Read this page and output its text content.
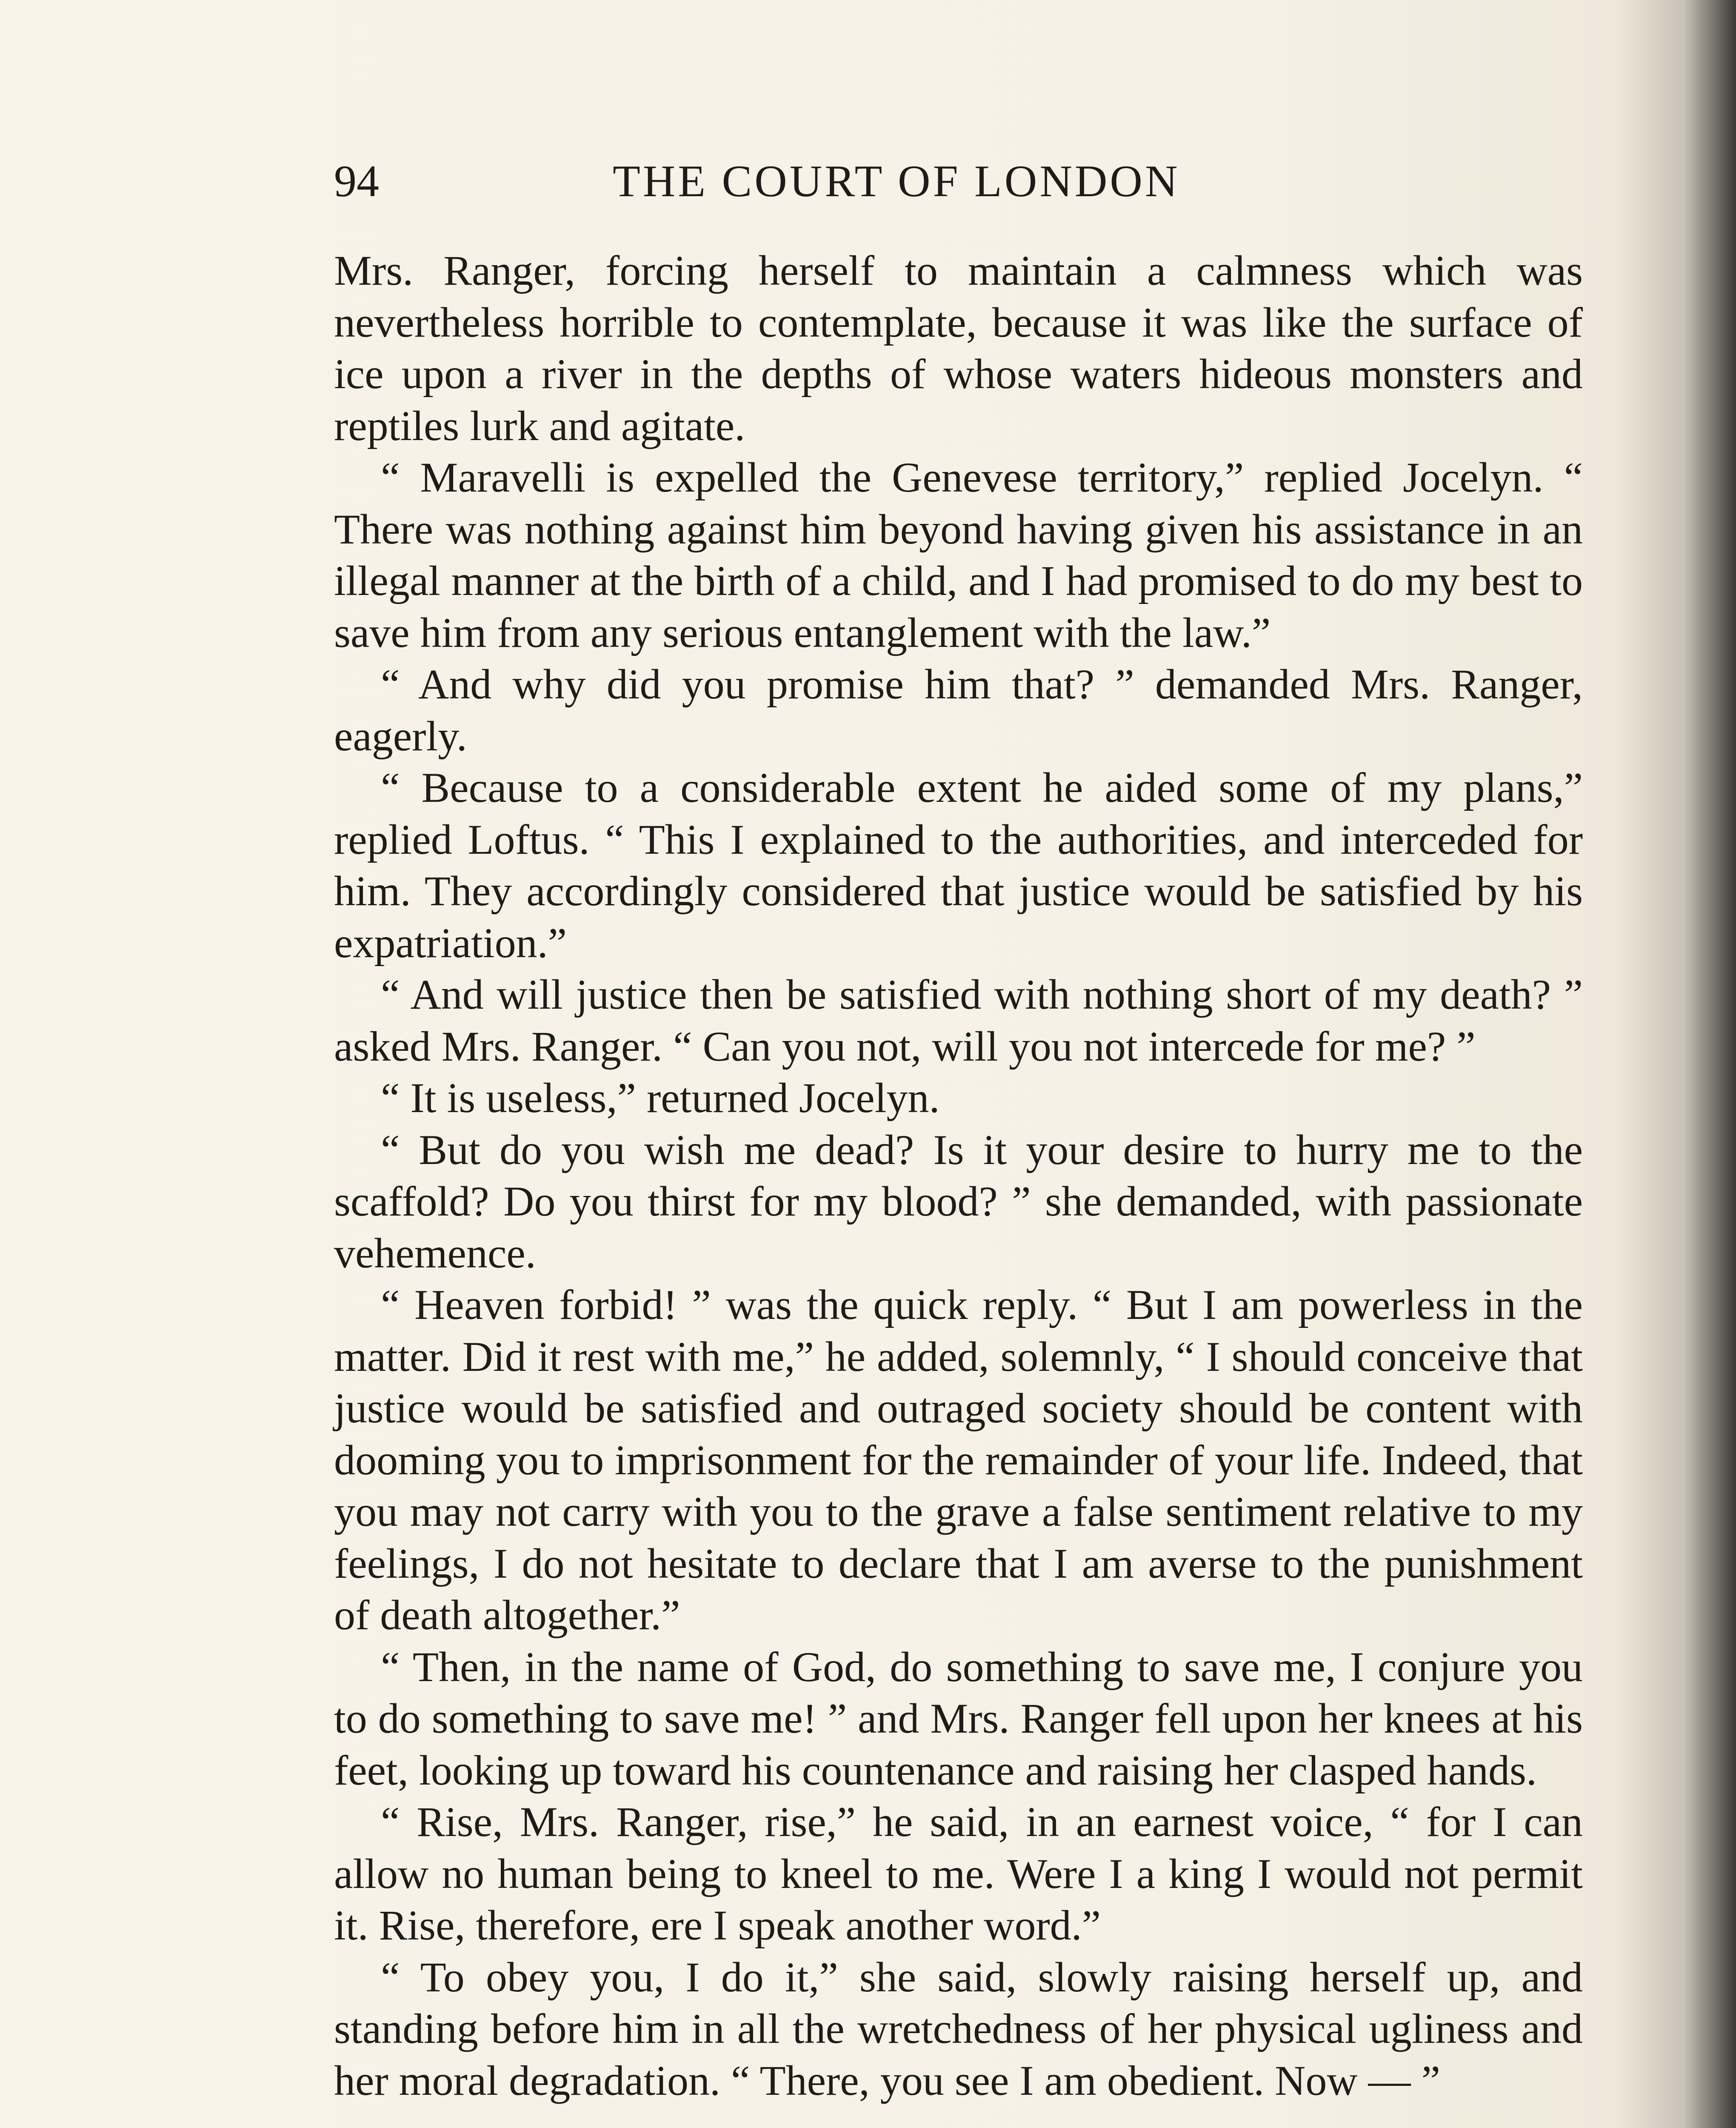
94	THE COURT OF LONDON

Mrs. Ranger, forcing herself to maintain a calmness which was nevertheless horrible to contemplate, because it was like the surface of ice upon a river in the depths of whose waters hideous monsters and reptiles lurk and agitate.

“ Maravelli is expelled the Genevese territory,” replied Jocelyn. “ There was nothing against him beyond having given his assistance in an illegal manner at the birth of a child, and I had promised to do my best to save him from any serious entanglement with the law.”

“ And why did you promise him that? ” demanded Mrs. Ranger, eagerly.

“ Because to a considerable extent he aided some of my plans,” replied Loftus. “ This I explained to the authorities, and interceded for him. They accordingly considered that justice would be satisfied by his expatriation.”

“ And will justice then be satisfied with nothing short of my death? ” asked Mrs. Ranger. “ Can you not, will you not intercede for me? ”

“ It is useless,” returned Jocelyn.

“ But do you wish me dead? Is it your desire to hurry me to the scaffold? Do you thirst for my blood? ” she demanded, with passionate vehemence.

“ Heaven forbid! ” was the quick reply. “ But I am powerless in the matter. Did it rest with me,” he added, solemnly, “ I should conceive that justice would be satisfied and outraged society should be content with dooming you to imprisonment for the remainder of your life. Indeed, that you may not carry with you to the grave a false sentiment relative to my feelings, I do not hesitate to declare that I am averse to the punishment of death altogether.”

“ Then, in the name of God, do something to save me, I conjure you to do something to save me! ” and Mrs. Ranger fell upon her knees at his feet, looking up toward his countenance and raising her clasped hands.

“ Rise, Mrs. Ranger, rise,” he said, in an earnest voice, “ for I can allow no human being to kneel to me. Were I a king I would not permit it. Rise, therefore, ere I speak another word.”

“ To obey you, I do it,” she said, slowly raising herself up, and standing before him in all the wretchedness of her physical ugliness and her moral degradation. “ There, you see I am obedient. Now — ”
